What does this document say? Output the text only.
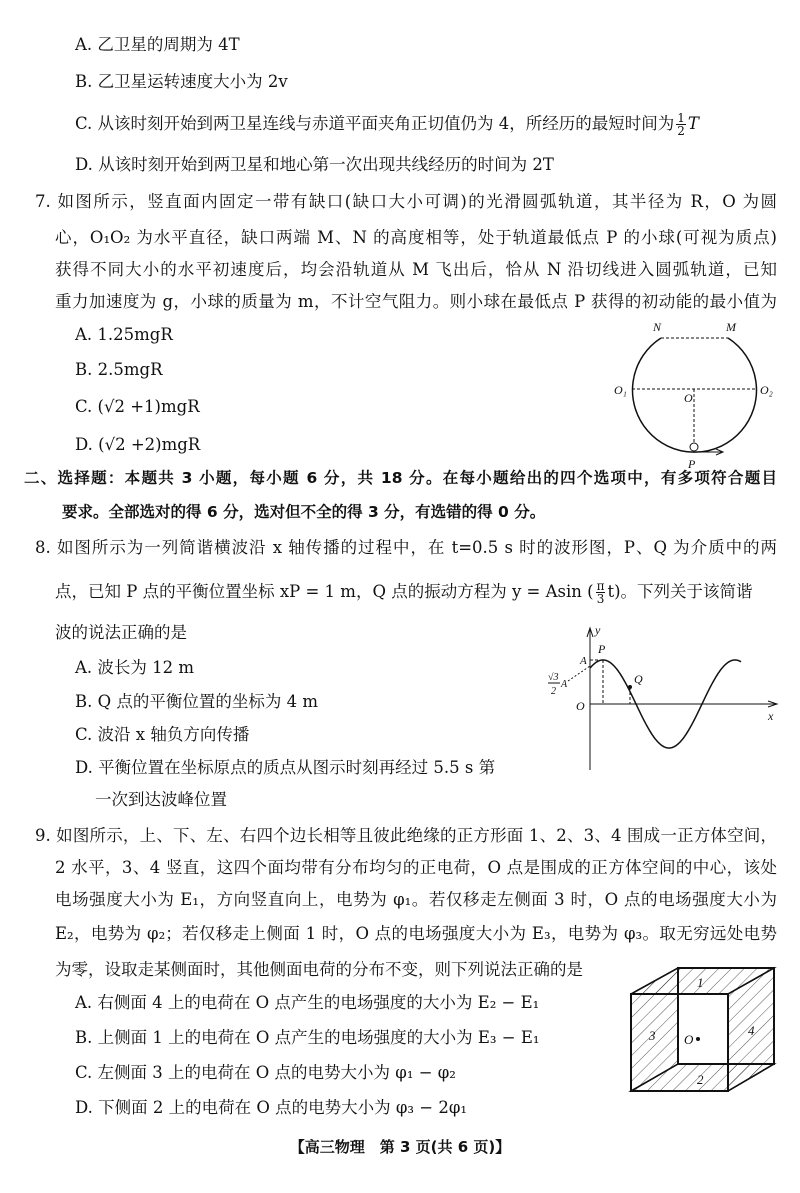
A. 乙卫星的周期为 4T
B. 乙卫星运转速度大小为 2v
C. 从该时刻开始到两卫星连线与赤道平面夹角正切值仍为 4，所经历的最短时间为 $\frac{1}{2}$ T
D. 从该时刻开始到两卫星和地心第一次出现共线经历的时间为 2T
7. 如图所示，竖直面内固定一带有缺口(缺口大小可调)的光滑圆弧轨道，其半径为 R，O 为圆
心，O₁O₂ 为水平直径，缺口两端 M、N 的高度相等，处于轨道最低点 P 的小球(可视为质点)
获得不同大小的水平初速度后，均会沿轨道从 M 飞出后，恰从 N 沿切线进入圆弧轨道，已知
重力加速度为 g，小球的质量为 m，不计空气阻力。则小球在最低点 P 获得的初动能的最小值为
A. 1.25mgR
B. 2.5mgR
C. (√2 +1)mgR
D. (√2 +2)mgR
N	M
O₁	O₂
O
P
二、选择题：本题共 3 小题，每小题 6 分，共 18 分。在每小题给出的四个选项中，有多项符合题目
要求。全部选对的得 6 分，选对但不全的得 3 分，有选错的得 0 分。
8. 如图所示为一列简谐横波沿 x 轴传播的过程中，在 t=0.5 s 时的波形图，P、Q 为介质中的两
点，已知 P 点的平衡位置坐标 xP = 1 m，Q 点的振动方程为 y = Asin ( $\frac{\pi}{3} t$)。下列关于该简谐
波的说法正确的是
A. 波长为 12 m
B. Q 点的平衡位置的坐标为 4 m
C. 波沿 x 轴负方向传播
D. 平衡位置在坐标原点的质点从图示时刻再经过 5.5 s 第
一次到达波峰位置
y
x
O
A
P
Q
√3
2
A
9. 如图所示，上、下、左、右四个边长相等且彼此绝缘的正方形面 1、2、3、4 围成一正方体空间，
2 水平，3、4 竖直，这四个面均带有分布均匀的正电荷，O 点是围成的正方体空间的中心，该处
电场强度大小为 E₁，方向竖直向上，电势为 φ₁。若仅移走左侧面 3 时，O 点的电场强度大小为
E₂，电势为 φ₂；若仅移走上侧面 1 时，O 点的电场强度大小为 E₃，电势为 φ₃。取无穷远处电势
为零，设取走某侧面时，其他侧面电荷的分布不变，则下列说法正确的是
A. 右侧面 4 上的电荷在 O 点产生的电场强度的大小为 E₂ − E₁
B. 上侧面 1 上的电荷在 O 点产生的电场强度的大小为 E₃ − E₁
C. 左侧面 3 上的电荷在 O 点的电势大小为 φ₁ − φ₂
D. 下侧面 2 上的电荷在 O 点的电势大小为 φ₃ − 2φ₁
1
2
3	4
O
【高三物理　第 3 页(共 6 页)】
